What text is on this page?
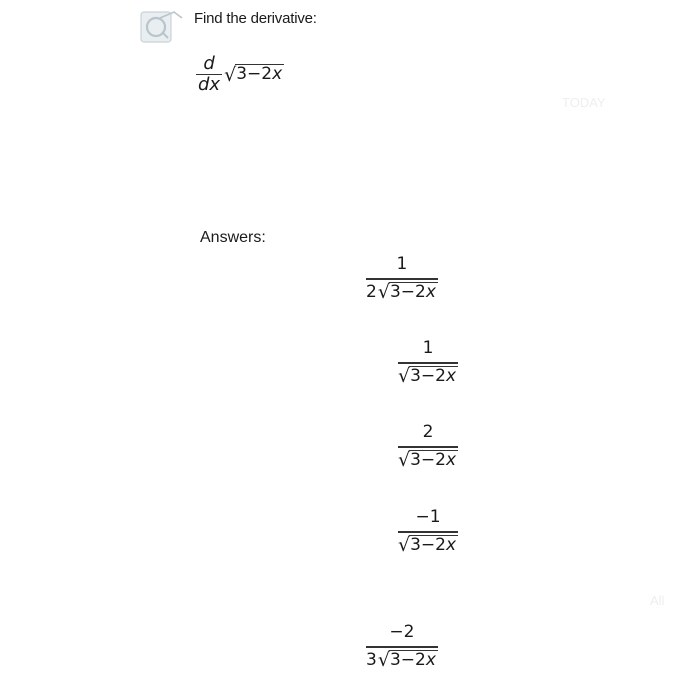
Find the derivative:
$\frac{d}{dx}$ √ 3−2x
TODAY
All
Answers:
1
2 √ 3−2x
1
√ 3−2x
2
√ 3−2x
−1
√ 3−2x
−2
3 √ 3−2x
